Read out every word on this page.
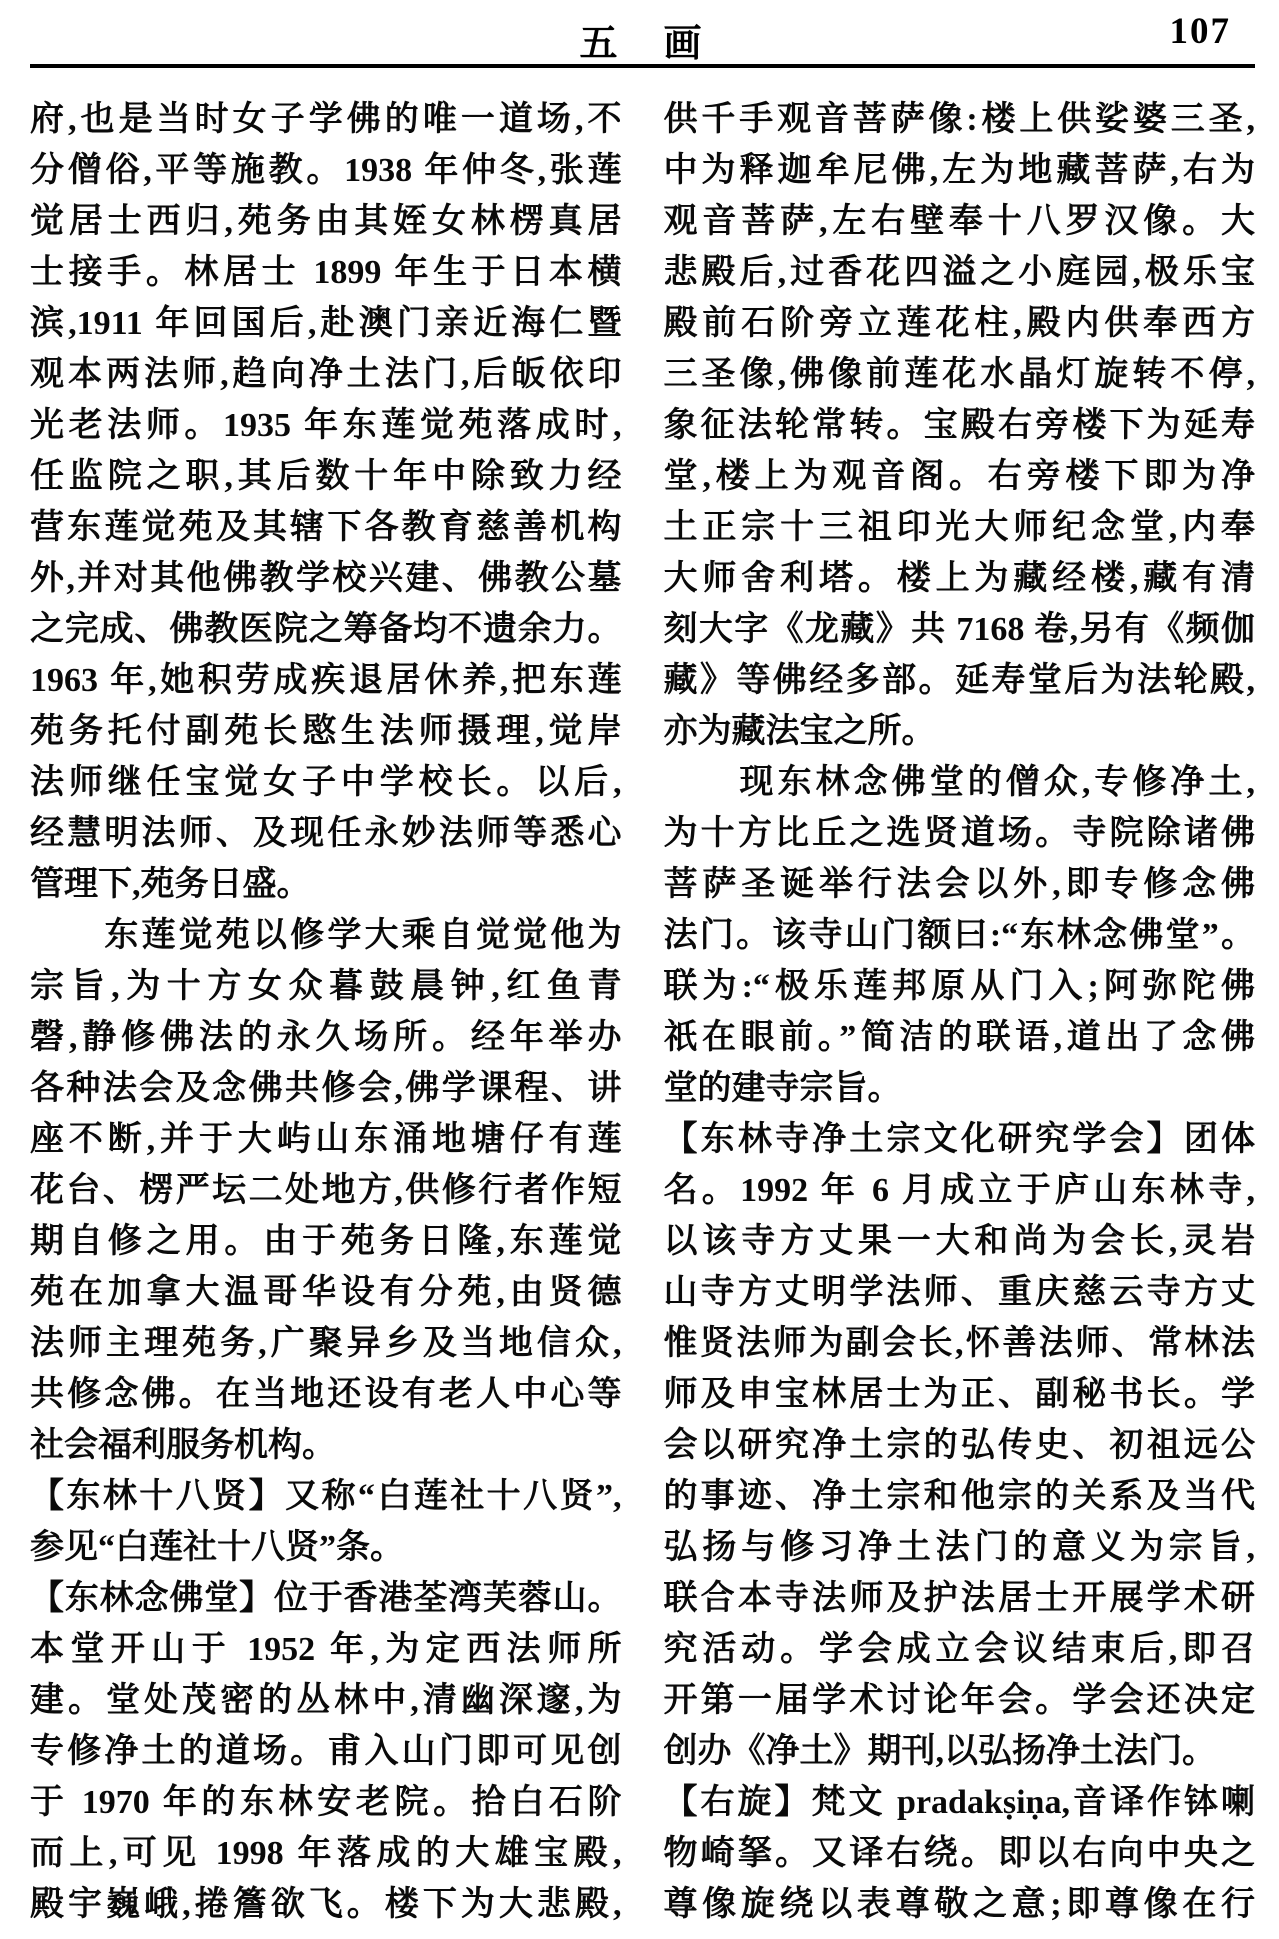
五　画	107
府,也是当时女子学佛的唯一道场,不
分僧俗,平等施教。1938 年仲冬,张莲
觉居士西归,苑务由其姪女林楞真居
士接手。林居士 1899 年生于日本横
滨,1911 年回国后,赴澳门亲近海仁暨
观本两法师,趋向净土法门,后皈依印
光老法师。1935 年东莲觉苑落成时,
任监院之职,其后数十年中除致力经
营东莲觉苑及其辖下各教育慈善机构
外,并对其他佛教学校兴建、佛教公墓
之完成、佛教医院之筹备均不遗余力。
1963 年,她积劳成疾退居休养,把东莲
苑务托付副苑长愍生法师摄理,觉岸
法师继任宝觉女子中学校长。以后,
经慧明法师、及现任永妙法师等悉心
管理下,苑务日盛。
　　东莲觉苑以修学大乘自觉觉他为
宗旨,为十方女众暮鼓晨钟,红鱼青
磬,静修佛法的永久场所。经年举办
各种法会及念佛共修会,佛学课程、讲
座不断,并于大屿山东涌地塘仔有莲
花台、楞严坛二处地方,供修行者作短
期自修之用。由于苑务日隆,东莲觉
苑在加拿大温哥华设有分苑,由贤德
法师主理苑务,广聚异乡及当地信众,
共修念佛。在当地还设有老人中心等
社会福利服务机构。
【东林十八贤】又称“白莲社十八贤”,
参见“白莲社十八贤”条。
【东林念佛堂】位于香港荃湾芙蓉山。
本堂开山于 1952 年,为定西法师所
建。堂处茂密的丛林中,清幽深邃,为
专修净土的道场。甫入山门即可见创
于 1970 年的东林安老院。拾白石阶
而上,可见 1998 年落成的大雄宝殿,
殿宇巍峨,捲簷欲飞。楼下为大悲殿,
供千手观音菩萨像:楼上供娑婆三圣,
中为释迦牟尼佛,左为地藏菩萨,右为
观音菩萨,左右壁奉十八罗汉像。大
悲殿后,过香花四溢之小庭园,极乐宝
殿前石阶旁立莲花柱,殿内供奉西方
三圣像,佛像前莲花水晶灯旋转不停,
象征法轮常转。宝殿右旁楼下为延寿
堂,楼上为观音阁。右旁楼下即为净
土正宗十三祖印光大师纪念堂,内奉
大师舍利塔。楼上为藏经楼,藏有清
刻大字《龙藏》共 7168 卷,另有《频伽
藏》等佛经多部。延寿堂后为法轮殿,
亦为藏法宝之所。
　　现东林念佛堂的僧众,专修净土,
为十方比丘之选贤道场。寺院除诸佛
菩萨圣诞举行法会以外,即专修念佛
法门。该寺山门额曰:“东林念佛堂”。
联为:“极乐莲邦原从门入;阿弥陀佛
祇在眼前。”简洁的联语,道出了念佛
堂的建寺宗旨。
【东林寺净土宗文化研究学会】团体
名。1992 年 6 月成立于庐山东林寺,
以该寺方丈果一大和尚为会长,灵岩
山寺方丈明学法师、重庆慈云寺方丈
惟贤法师为副会长,怀善法师、常林法
师及申宝林居士为正、副秘书长。学
会以研究净土宗的弘传史、初祖远公
的事迹、净土宗和他宗的关系及当代
弘扬与修习净土法门的意义为宗旨,
联合本寺法师及护法居士开展学术研
究活动。学会成立会议结束后,即召
开第一届学术讨论年会。学会还决定
创办《净土》期刊,以弘扬净土法门。
【右旋】梵文 pradakṣiṇa,音译作钵喇
物崎拏。又译右绕。即以右向中央之
尊像旋绕以表尊敬之意;即尊像在行
